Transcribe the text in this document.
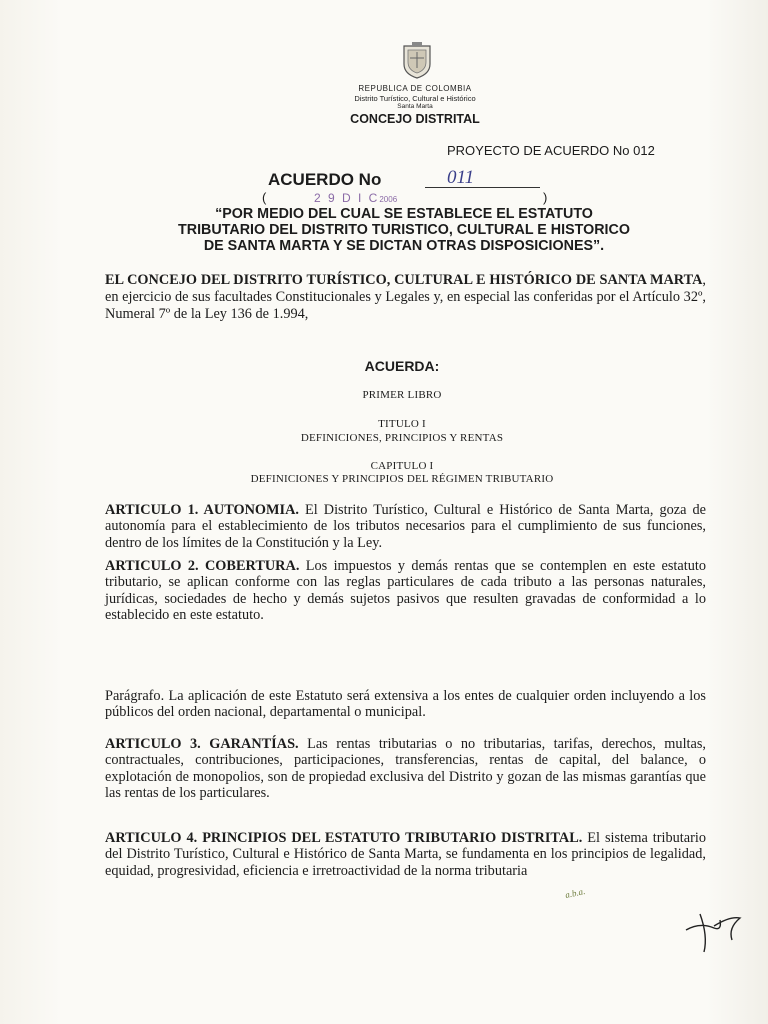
REPUBLICA DE COLOMBIA
Distrito Turístico, Cultural e Histórico
Santa Marta
CONCEJO DISTRITAL
PROYECTO DE ACUERDO No 012
ACUERDO No	011
(	2 9 D I C2006	)
“POR MEDIO DEL CUAL SE ESTABLECE EL ESTATUTO
TRIBUTARIO DEL DISTRITO TURISTICO, CULTURAL E HISTORICO
DE SANTA MARTA Y SE DICTAN OTRAS DISPOSICIONES”.
EL CONCEJO DEL DISTRITO TURÍSTICO, CULTURAL E HISTÓRICO DE SANTA MARTA, en ejercicio de sus facultades Constitucionales y Legales y, en especial las conferidas por el Artículo 32º, Numeral 7º de la Ley 136 de 1.994,
ACUERDA:
PRIMER LIBRO
TITULO I
DEFINICIONES, PRINCIPIOS Y RENTAS
CAPITULO I
DEFINICIONES Y PRINCIPIOS DEL RÉGIMEN TRIBUTARIO
ARTICULO 1. AUTONOMIA. El Distrito Turístico, Cultural e Histórico de Santa Marta, goza de autonomía para el establecimiento de los tributos necesarios para el cumplimiento de sus funciones, dentro de los límites de la Constitución y la Ley.
ARTICULO 2. COBERTURA. Los impuestos y demás rentas que se contemplen en este estatuto tributario, se aplican conforme con las reglas particulares de cada tributo a las personas naturales, jurídicas, sociedades de hecho y demás sujetos pasivos que resulten gravadas de conformidad a lo establecido en este estatuto.
Parágrafo. La aplicación de este Estatuto será extensiva a los entes de cualquier orden incluyendo a los públicos del orden nacional, departamental o municipal.
ARTICULO 3. GARANTÍAS. Las rentas tributarias o no tributarias, tarifas, derechos, multas, contractuales, contribuciones, participaciones, transferencias, rentas de capital, del balance, o explotación de monopolios, son de propiedad exclusiva del Distrito y gozan de las mismas garantías que las rentas de los particulares.
ARTICULO 4. PRINCIPIOS DEL ESTATUTO TRIBUTARIO DISTRITAL. El sistema tributario del Distrito Turístico, Cultural e Histórico de Santa Marta, se fundamenta en los principios de legalidad, equidad, progresividad, eficiencia e irretroactividad de la norma tributaria
a.b.a.
